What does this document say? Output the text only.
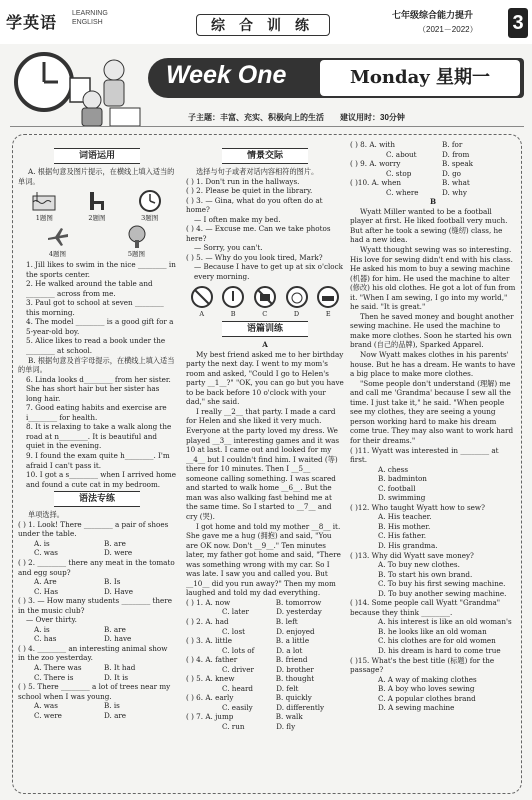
学英语 LEARNING
ENGLISH	综 合 训 练
七年级综合能力提升
（2021－2022） 3
Week One	Monday 星期一
子主题：丰富、充实、积极向上的生活　　 建议用时：30分钟
词语运用
A. 根据句意及图片提示，在横线上填入适当的单词。
1题图	2题图	3题图
4题图	5题图
1. Jill likes to swim in the nice ________ in the sports center.
2. He walked around the table and ________ across from me.
3. Paul got to school at seven ________ this morning.
4. The model ________ is a good gift for a 5-year-old boy.
5. Alice likes to read a book under the ________ at school.
B. 根据句意及首字母提示，在横线上填入适当的单词。
6. Linda looks d________ from her sister. She has short hair but her sister has long hair.
7. Good eating habits and exercise are i________ for health.
8. It is relaxing to take a walk along the road at n________. It is beautiful and quiet in the evening.
9. I found the exam quite h________. I'm afraid I can't pass it.
10. I got a s________ when I arrived home and found a cute cat in my bedroom.
语法专练
单项选择。
( ) 1. Look! There ________ a pair of shoes under the table.
A. is	B. are
C. was	D. were
( ) 2. ________ there any meat in the tomato and egg soup?
A. Are	B. Is
C. Has	D. Have
( ) 3. — How many students ________ there in the music club?
— Over thirty.
A. is	B. are
C. has	D. have
( ) 4. ________ an interesting animal show in the zoo yesterday.
A. There was	B. It had
C. There is	D. It is
( ) 5. There ________ a lot of trees near my school when I was young.
A. was	B. is
C. were	D. are
情景交际
选择与句子或者对话内容相符的图片。
( ) 1. Don't run in the hallways.
( ) 2. Please be quiet in the library.
( ) 3. — Gina, what do you often do at home?
— I often make my bed.
( ) 4. — Excuse me. Can we take photos here?
— Sorry, you can't.
( ) 5. — Why do you look tired, Mark?
— Because I have to get up at six o'clock every morning.
A	B	C	D	E
语篇训练
A
My best friend asked me to her birthday party the next day. I went to my mom's room and asked, "Could I go to Helen's party __1__?" "OK, you can go but you have to be back before 10 o'clock with your dad," she said.
I really __2__ that party. I made a card for Helen and she liked it very much. Everyone at the party loved my dress. We played __3__ interesting games and it was 10 at last. I came out and looked for my __4__ but I couldn't find him. I waited (等) there for 10 minutes. Then I __5__ someone calling something. I was scared and started to walk home __6__. But the man was also walking fast behind me at the same time. So I started to __7__ and cry (哭).
I got home and told my mother __8__ it. She gave me a hug (拥抱) and said, "You are OK now. Don't __9__." Ten minutes later, my father got home and said, "There was something wrong with my car. So I was late. I saw you and called you. But __10__ did you run away?" Then my mom laughed and told my dad everything.
( ) 1. A. now	B. tomorrow
C. later	D. yesterday
( ) 2. A. had	B. left
C. lost	D. enjoyed
( ) 3. A. little	B. a little
C. lots of	D. a lot
( ) 4. A. father	B. friend
C. driver	D. brother
( ) 5. A. knew	B. thought
C. heard	D. felt
( ) 6. A. early	B. quickly
C. easily	D. differently
( ) 7. A. jump	B. walk
C. run	D. fly
( ) 8. A. with	B. for
C. about	D. from
( ) 9. A. worry	B. speak
C. stop	D. go
( )10. A. when	B. what
C. where	D. why
B
Wyatt Miller wanted to be a football player at first. He liked football very much. But after he took a sewing (缝纫) class, he had a new idea.
Wyatt thought sewing was so interesting. His love for sewing didn't end with his class. He asked his mom to buy a sewing machine (机器) for him. He used the machine to alter (修改) his old clothes. He got a lot of fun from it. "When I am sewing, I go into my world," he said. "It is great."
Then he saved money and bought another sewing machine. He used the machine to make more clothes. Soon he started his own brand (自己的品牌), Sparked Apparel.
Now Wyatt makes clothes in his parents' house. But he has a dream. He wants to have a big place to make more clothes.
"Some people don't understand (理解) me and call me 'Grandma' because I sew all the time. I just take it," he said. "When people see my clothes, they are seeing a young person working hard to make his dream come true. They may also want to work hard for their dreams."
( )11. Wyatt was interested in ________ at first.
A. chess
B. badminton
C. football
D. swimming
( )12. Who taught Wyatt how to sew?
A. His teacher.
B. His mother.
C. His father.
D. His grandma.
( )13. Why did Wyatt save money?
A. To buy new clothes.
B. To start his own brand.
C. To buy his first sewing machine.
D. To buy another sewing machine.
( )14. Some people call Wyatt "Grandma" because they think ________.
A. his interest is like an old woman's
B. he looks like an old woman
C. his clothes are for old women
D. his dream is hard to come true
( )15. What's the best title (标题) for the passage?
A. A way of making clothes
B. A boy who loves sewing
C. A popular clothes brand
D. A sewing machine
